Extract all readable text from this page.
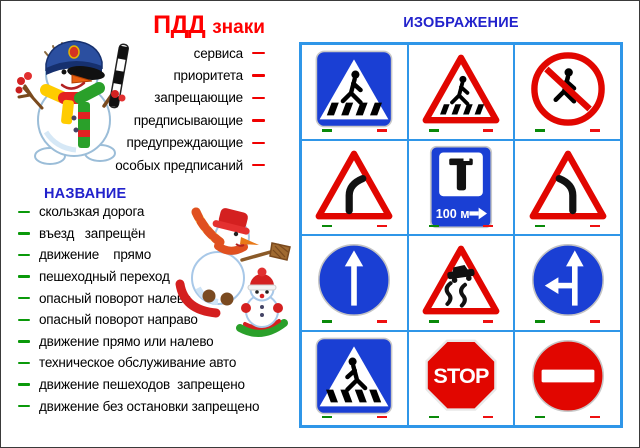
ПДД знаки
сервиса
приоритета
запрещающие
предписывающие
предупреждающие
особых предписаний
ИЗОБРАЖЕНИЕ
100 м
STOP
НАЗВАНИЕ
скользкая дорога
въезд   запрещён
движение    прямо
пешеходный переход
опасный поворот налево
опасный поворот направо
движение прямо или налево
техническое обслуживание авто
движение пешеходов  запрещено
движение без остановки запрещено
